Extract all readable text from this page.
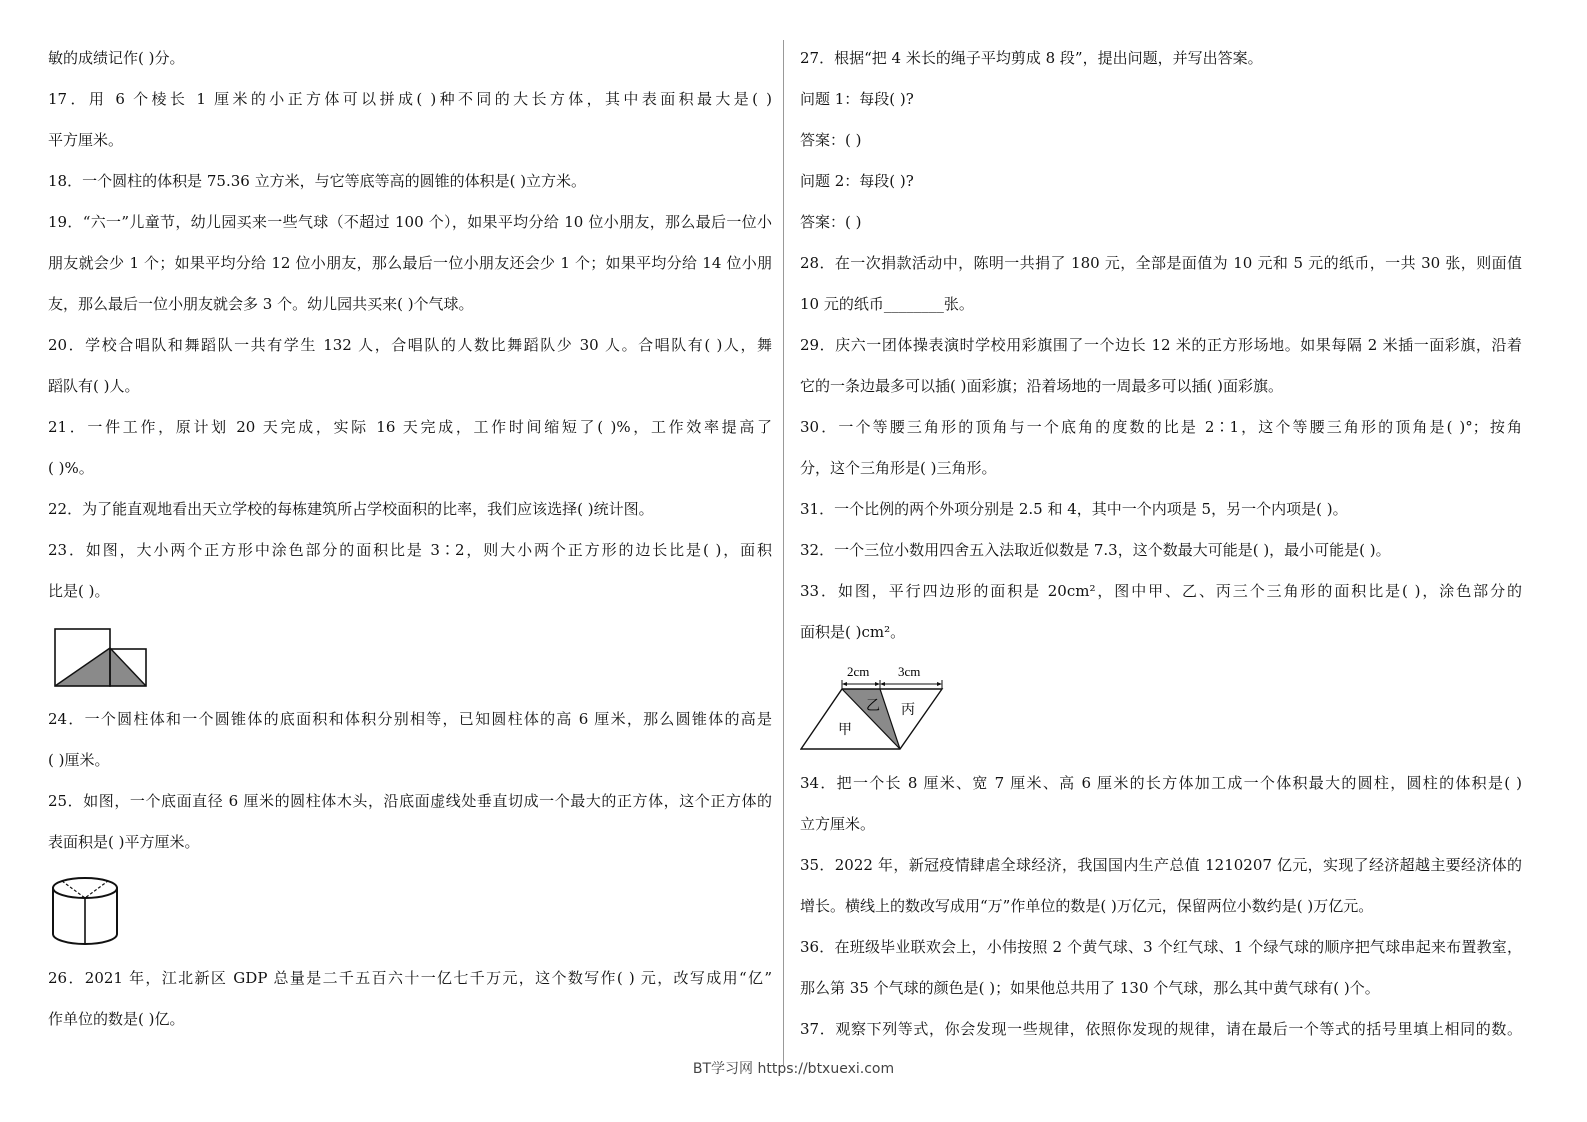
敏的成绩记作( )分。
17．用 6 个棱长 1 厘米的小正方体可以拼成( )种不同的大长方体，其中表面积最大是( )
平方厘米。
18．一个圆柱的体积是 75.36 立方米，与它等底等高的圆锥的体积是( )立方米。
19．“六一”儿童节，幼儿园买来一些气球（不超过 100 个），如果平均分给 10 位小朋友，那么最后一位小
朋友就会少 1 个；如果平均分给 12 位小朋友，那么最后一位小朋友还会少 1 个；如果平均分给 14 位小朋
友，那么最后一位小朋友就会多 3 个。幼儿园共买来( )个气球。
20．学校合唱队和舞蹈队一共有学生 132 人，合唱队的人数比舞蹈队少 30 人。合唱队有( )人，舞
蹈队有( )人。
21．一件工作，原计划 20 天完成，实际 16 天完成，工作时间缩短了( )%，工作效率提高了
( )%。
22．为了能直观地看出天立学校的每栋建筑所占学校面积的比率，我们应该选择( )统计图。
23．如图，大小两个正方形中涂色部分的面积比是 3∶2，则大小两个正方形的边长比是( )，面积
比是( )。
24．一个圆柱体和一个圆锥体的底面积和体积分别相等，已知圆柱体的高 6 厘米，那么圆锥体的高是
( )厘米。
25．如图，一个底面直径 6 厘米的圆柱体木头，沿底面虚线处垂直切成一个最大的正方体，这个正方体的
表面积是( )平方厘米。
26．2021 年，江北新区 GDP 总量是二千五百六十一亿七千万元，这个数写作( ) 元，改写成用“亿”
作单位的数是( )亿。
27．根据“把 4 米长的绳子平均剪成 8 段”，提出问题，并写出答案。
问题 1：每段( )?
答案：( )
问题 2：每段( )?
答案：( )
28．在一次捐款活动中，陈明一共捐了 180 元，全部是面值为 10 元和 5 元的纸币，一共 30 张，则面值
10 元的纸币________张。
29．庆六一团体操表演时学校用彩旗围了一个边长 12 米的正方形场地。如果每隔 2 米插一面彩旗，沿着
它的一条边最多可以插( )面彩旗；沿着场地的一周最多可以插( )面彩旗。
30．一个等腰三角形的顶角与一个底角的度数的比是 2∶1，这个等腰三角形的顶角是( )°；按角
分，这个三角形是( )三角形。
31．一个比例的两个外项分别是 2.5 和 4，其中一个内项是 5，另一个内项是( )。
32．一个三位小数用四舍五入法取近似数是 7.3，这个数最大可能是( )，最小可能是( )。
33．如图，平行四边形的面积是 20cm²，图中甲、乙、丙三个三角形的面积比是( )，涂色部分的
面积是( )cm²。
2cm 3cm
甲
乙 丙
34．把一个长 8 厘米、宽 7 厘米、高 6 厘米的长方体加工成一个体积最大的圆柱，圆柱的体积是( )
立方厘米。
35．2022 年，新冠疫情肆虐全球经济，我国国内生产总值 1210207 亿元，实现了经济超越主要经济体的
增长。横线上的数改写成用“万”作单位的数是( )万亿元，保留两位小数约是( )万亿元。
36．在班级毕业联欢会上，小伟按照 2 个黄气球、3 个红气球、1 个绿气球的顺序把气球串起来布置教室，
那么第 35 个气球的颜色是( )；如果他总共用了 130 个气球，那么其中黄气球有( )个。
37．观察下列等式，你会发现一些规律，依照你发现的规律，请在最后一个等式的括号里填上相同的数。
BT学习网 https://btxuexi.com
